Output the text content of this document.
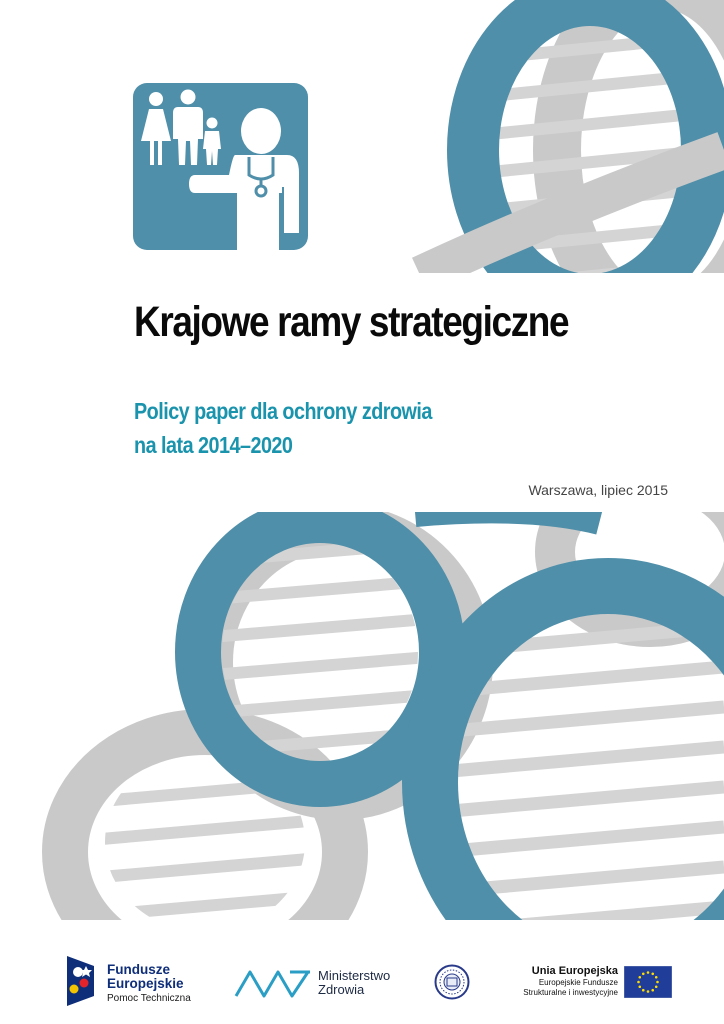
Krajowe ramy strategiczne

Policy paper dla ochrony zdrowia
na lata 2014–2020

Warszawa, lipiec 2015

Fundusze
Europejskie
Pomoc Techniczna
Ministerstwo
Zdrowia
Unia Europejska
Europejskie Fundusze
Strukturalne i inwestycyjne
